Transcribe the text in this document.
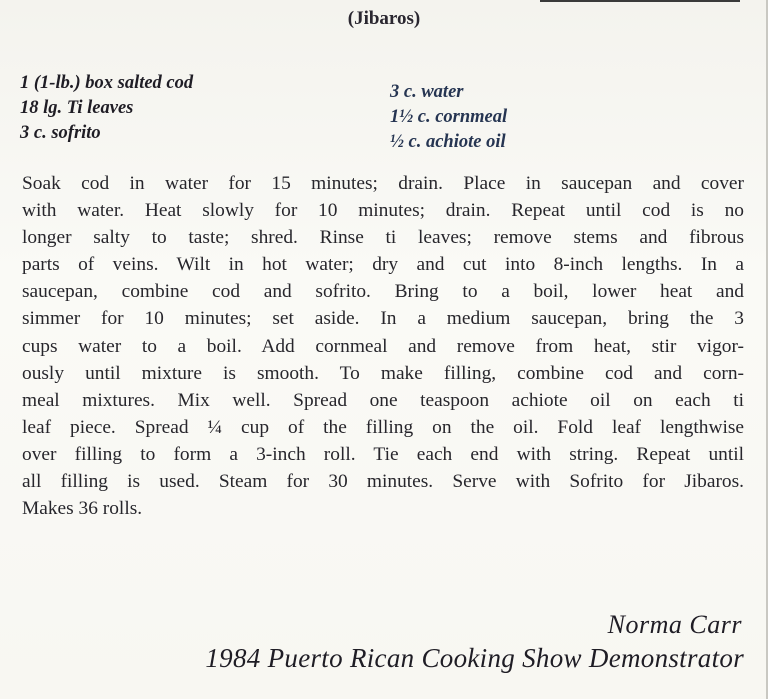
(Jibaros)
1 (1-lb.) box salted cod
18 lg. Ti leaves
3 c. sofrito
3 c. water
1½ c. cornmeal
½ c. achiote oil
Soak cod in water for 15 minutes; drain. Place in saucepan and cover
with water. Heat slowly for 10 minutes; drain. Repeat until cod is no
longer salty to taste; shred. Rinse ti leaves; remove stems and fibrous
parts of veins. Wilt in hot water; dry and cut into 8-inch lengths. In a
saucepan, combine cod and sofrito. Bring to a boil, lower heat and
simmer for 10 minutes; set aside. In a medium saucepan, bring the 3
cups water to a boil. Add cornmeal and remove from heat, stir vigor-
ously until mixture is smooth. To make filling, combine cod and corn-
meal mixtures. Mix well. Spread one teaspoon achiote oil on each ti
leaf piece. Spread ¼ cup of the filling on the oil. Fold leaf lengthwise
over filling to form a 3-inch roll. Tie each end with string. Repeat until
all filling is used. Steam for 30 minutes. Serve with Sofrito for Jibaros.
Makes 36 rolls.
Norma Carr
1984 Puerto Rican Cooking Show Demonstrator
